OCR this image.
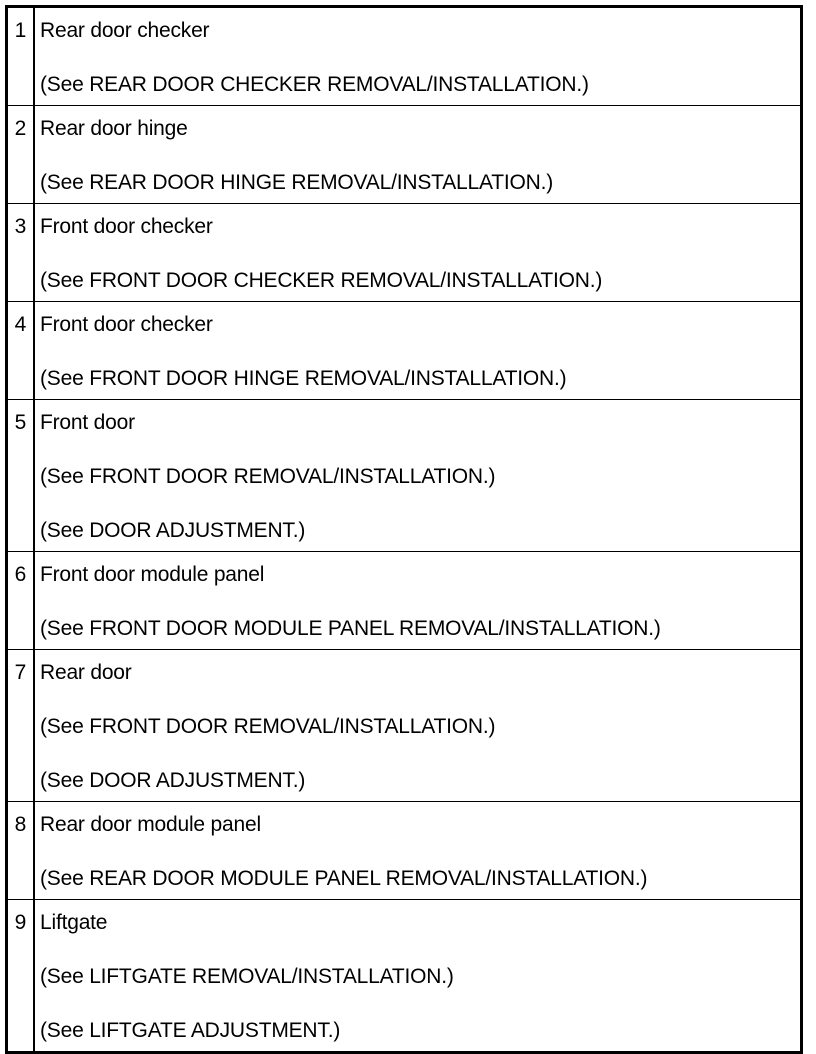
1	Rear door checker
(See REAR DOOR CHECKER REMOVAL/INSTALLATION.)

2	Rear door hinge
(See REAR DOOR HINGE REMOVAL/INSTALLATION.)

3	Front door checker
(See FRONT DOOR CHECKER REMOVAL/INSTALLATION.)

4	Front door checker
(See FRONT DOOR HINGE REMOVAL/INSTALLATION.)

5	Front door
(See FRONT DOOR REMOVAL/INSTALLATION.)
(See DOOR ADJUSTMENT.)

6	Front door module panel
(See FRONT DOOR MODULE PANEL REMOVAL/INSTALLATION.)

7	Rear door
(See FRONT DOOR REMOVAL/INSTALLATION.)
(See DOOR ADJUSTMENT.)

8	Rear door module panel
(See REAR DOOR MODULE PANEL REMOVAL/INSTALLATION.)

9	Liftgate
(See LIFTGATE REMOVAL/INSTALLATION.)
(See LIFTGATE ADJUSTMENT.)
